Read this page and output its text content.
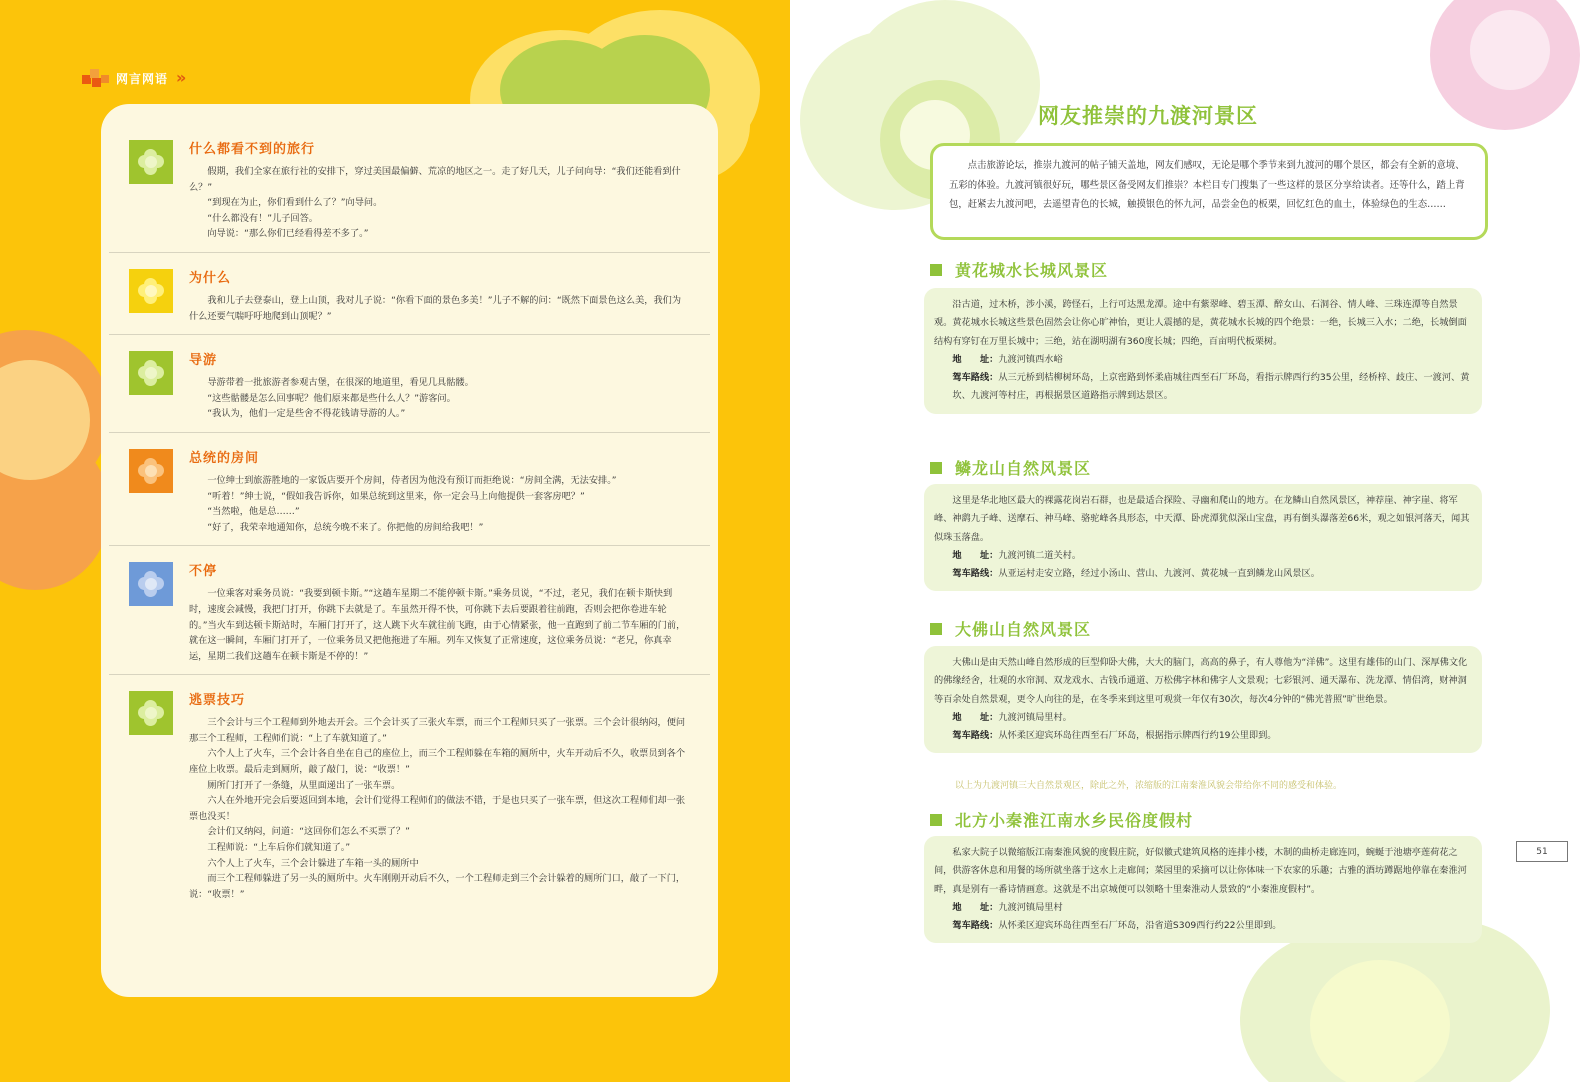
网言网语 »
什么都看不到的旅行

　　假期，我们全家在旅行社的安排下，穿过美国最偏僻、荒凉的地区之一。走了好几天，儿子问向导：“我们还能看到什么？”

　　“到现在为止，你们看到什么了？”向导问。

　　“什么都没有！”儿子回答。

　　向导说：“那么你们已经看得差不多了。”

为什么

　　我和儿子去登泰山，登上山顶，我对儿子说：“你看下面的景色多美！”儿子不解的问：“既然下面景色这么美，我们为什么还要气喘吁吁地爬到山顶呢？”

导游

　　导游带着一批旅游者参观古堡，在很深的地道里，看见几具骷髅。

　　“这些骷髅是怎么回事呢？他们原来都是些什么人？”游客问。

　　“我认为，他们一定是些舍不得花钱请导游的人。”

总统的房间

　　一位绅士到旅游胜地的一家饭店要开个房间，侍者因为他没有预订而拒绝说：“房间全满，无法安排。”

　　“听着！”绅士说，“假如我告诉你，如果总统到这里来，你一定会马上向他提供一套客房吧？”

　　“当然啦，他是总……”

　　“好了，我荣幸地通知你，总统今晚不来了。你把他的房间给我吧！”

不停

　　一位乘客对乘务员说：“我要到顿卡斯。”“这趟车星期二不能停顿卡斯。”乘务员说，“不过，老兄，我们在顿卡斯快到时，速度会减慢，我把门打开，你跳下去就是了。车虽然开得不快，可你跳下去后要跟着往前跑，否则会把你卷进车轮的。”当火车到达顿卡斯站时，车厢门打开了，这人跳下火车就往前飞跑，由于心情紧张，他一直跑到了前二节车厢的门前，就在这一瞬间，车厢门打开了，一位乘务员又把他拖进了车厢。列车又恢复了正常速度，这位乘务员说：“老兄，你真幸运，星期二我们这趟车在顿卡斯是不停的！”

逃票技巧

　　三个会计与三个工程师到外地去开会。三个会计买了三张火车票，而三个工程师只买了一张票。三个会计很纳闷，便问那三个工程师，工程师们说：“上了车就知道了。”

　　六个人上了火车，三个会计各自坐在自己的座位上，而三个工程师躲在车箱的厕所中，火车开动后不久，收票员到各个座位上收票。最后走到厕所，敲了敲门，说：“收票！”

　　厕所门打开了一条缝，从里面递出了一张车票。

　　六人在外地开完会后要返回到本地，会计们觉得工程师们的做法不错，于是也只买了一张车票，但这次工程师们却一张票也没买！

　　会计们又纳闷，问道：“这回你们怎么不买票了？”

　　工程师说：“上车后你们就知道了。”

　　六个人上了火车，三个会计躲进了车箱一头的厕所中

　　而三个工程师躲进了另一头的厕所中。火车刚刚开动后不久，一个工程师走到三个会计躲着的厕所门口，敲了一下门，说：“收票！”

网友推崇的九渡河景区

点击旅游论坛，推崇九渡河的帖子铺天盖地，网友们感叹，无论是哪个季节来到九渡河的哪个景区，都会有全新的意境、五彩的体验。九渡河镇很好玩，哪些景区备受网友们推崇？本栏目专门搜集了一些这样的景区分享给读者。还等什么，踏上背包，赶紧去九渡河吧，去遥望青色的长城，触摸银色的怀九河，品尝金色的板栗，回忆红色的血土，体验绿色的生态……

黄花城水长城风景区

沿古道，过木桥，涉小溪，跨怪石，上行可达黑龙潭。途中有紫翠峰、碧玉潭、醉女山、石洞谷、情人峰、三珠连潭等自然景观。黄花城水长城这些景色固然会让你心旷神怡，更让人震撼的是，黄花城水长城的四个绝景：一绝，长城三入水；二绝，长城倒面结构有穿钉在万里长城中；三绝，站在湖明湖有360度长城；四绝，百亩明代板栗树。

地　　址：九渡河镇西水峪

驾车路线：从三元桥到桔柳树环岛，上京密路到怀柔庙城往西至石厂环岛，看指示牌西行约35公里，经桥梓、歧庄、一渡河、黄坎、九渡河等村庄，再根据景区道路指示牌到达景区。

鳞龙山自然风景区

这里是华北地区最大的裸露花岗岩石群，也是最适合探险、寻幽和爬山的地方。在龙鳞山自然风景区，神荐崖、神字崖、将军峰、神鹞九子峰、送摩石、神马峰、骆驼峰各具形态，中天潭、卧虎潭犹似深山宝盘，再有倒头瀑落差66米，观之如银河落天，闻其似珠玉落盘。

地　　址：九渡河镇二道关村。

驾车路线：从亚运村走安立路，经过小汤山、营山、九渡河、黄花城一直到鳞龙山风景区。

大佛山自然风景区

大佛山是由天然山峰自然形成的巨型仰卧大佛，大大的脑门，高高的鼻子，有人尊他为“洋佛”。这里有雄伟的山门、深厚佛文化的佛缘经舍，壮观的水帘洞、双龙戏水、古钱币通道、万松佛字林和佛字人文景观；七彩银河、通天瀑布、洗龙潭、情侣湾，财神洞等百余处自然景观，更令人向往的是，在冬季来到这里可观赏一年仅有30次，每次4分钟的“佛光普照”旷世绝景。

地　　址：九渡河镇局里村。

驾车路线：从怀柔区迎宾环岛往西至石厂环岛，根据指示牌西行约19公里即到。

北方小秦淮江南水乡民俗度假村

私家大院子以微缩版江南秦淮风貌的度假庄院，好似徽式建筑风格的连排小楼，木制的曲桥走廊连同，蜿蜒于池塘亭莲荷花之间，供游客休息和用餐的场所就坐落于这水上走廊间；菜园里的采摘可以让你体味一下农家的乐趣；古雅的酒坊蹲踞地停靠在秦淮河畔，真是别有一番诗情画意。这就是不出京城便可以领略十里秦淮动人景致的“小秦淮度假村”。

地　　址：九渡河镇局里村

驾车路线：从怀柔区迎宾环岛往西至石厂环岛，沿省道S309西行约22公里即到。

以上为九渡河镇三大自然景观区，除此之外，浓缩版的江南秦淮风貌会带给你不同的感受和体验。
51
